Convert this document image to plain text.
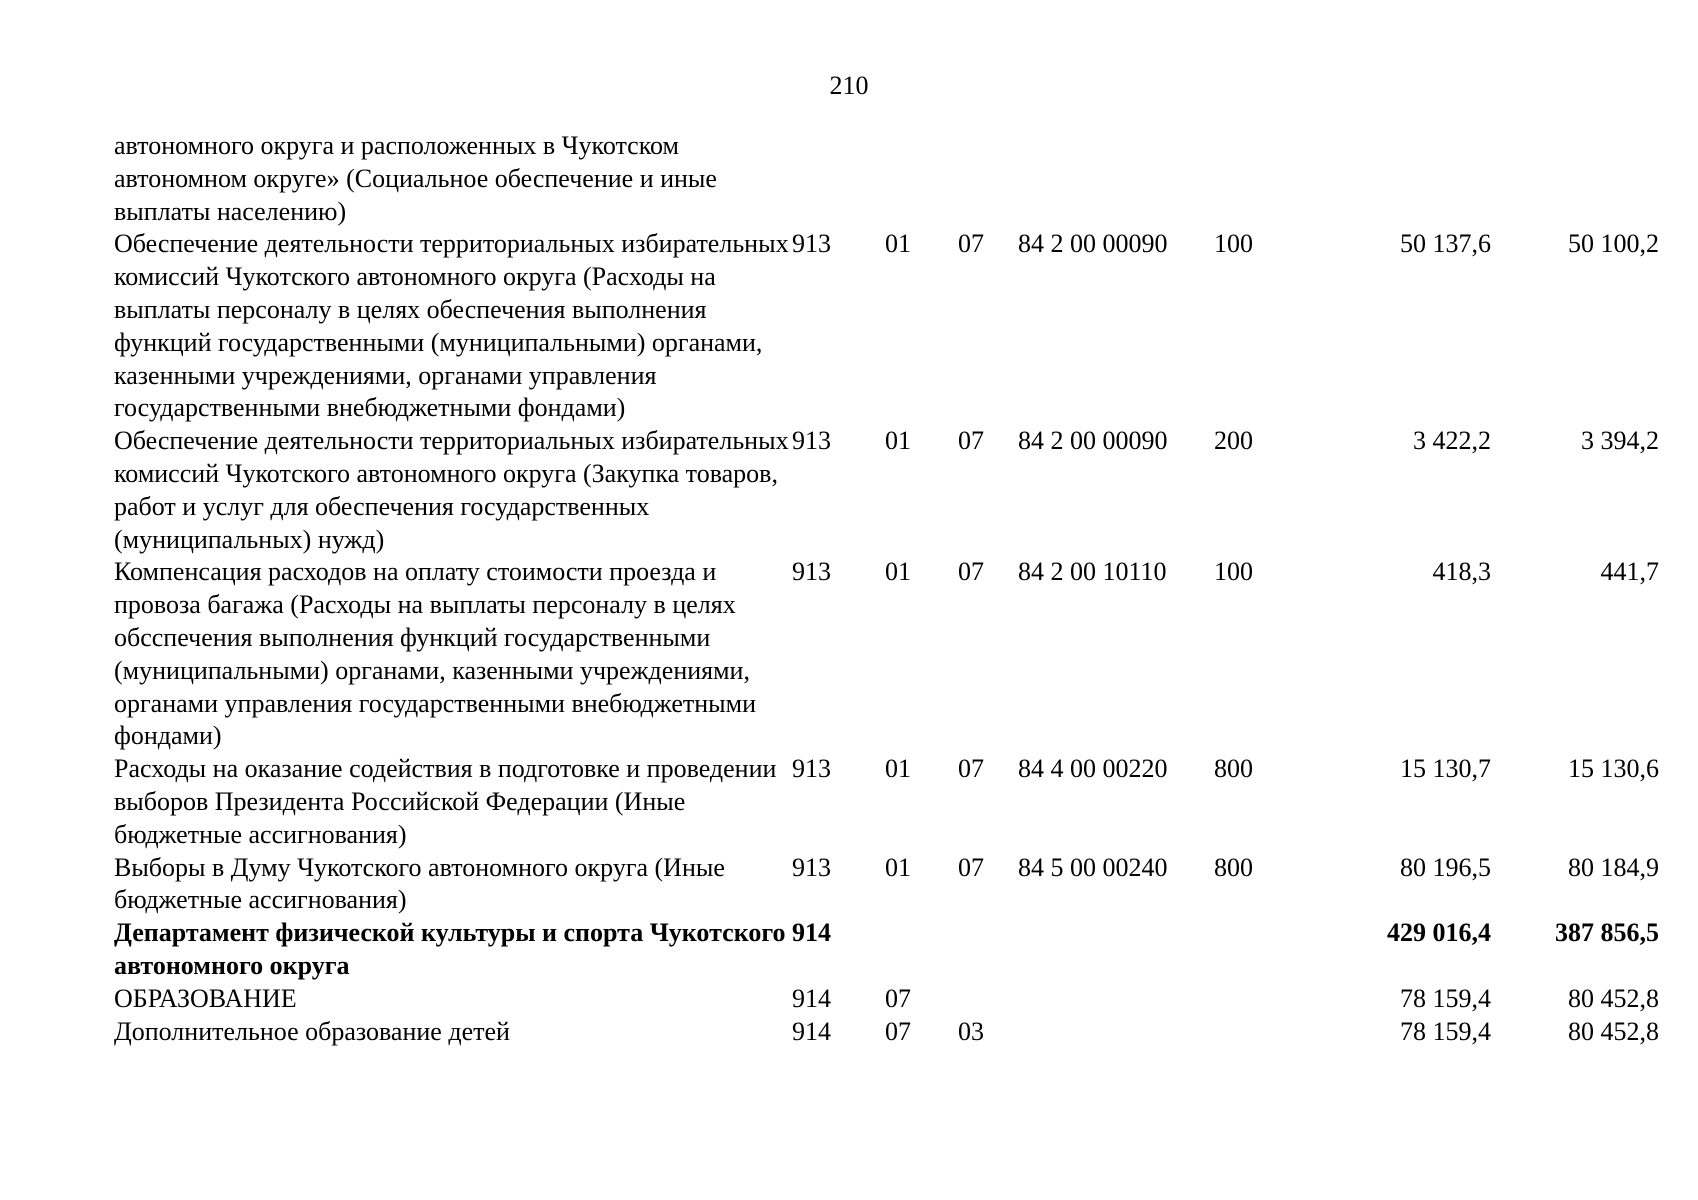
210
автономного округа и расположенных в Чукотском автономном округе» (Социальное обеспечение и иные выплаты населению)							
Обеспечение деятельности территориальных избирательных комиссий Чукотского автономного округа (Расходы на выплаты персоналу в целях обеспечения выполнения функций государственными (муниципальными) органами, казенными учреждениями, органами управления государственными внебюджетными фондами)	913	01	07	84 2 00 00090	100	50 137,6	50 100,2
Обеспечение деятельности территориальных избирательных комиссий Чукотского автономного округа (Закупка товаров, работ и услуг для обеспечения государственных (муниципальных) нужд)	913	01	07	84 2 00 00090	200	3 422,2	3 394,2
Компенсация расходов на оплату стоимости проезда и провоза багажа (Расходы на выплаты персоналу в целях обсспечения выполнения функций государственными (муниципальными) органами, казенными учреждениями, органами управления государственными внебюджетными фондами)	913	01	07	84 2 00 10110	100	418,3	441,7
Расходы на оказание содействия в подготовке и проведении выборов Президента Российской Федерации (Иные бюджетные ассигнования)	913	01	07	84 4 00 00220	800	15 130,7	15 130,6
Выборы в Думу Чукотского автономного округа (Иные бюджетные ассигнования)	913	01	07	84 5 00 00240	800	80 196,5	80 184,9
Департамент физической культуры и спорта Чукотского автономного округа	914					429 016,4	387 856,5
ОБРАЗОВАНИЕ	914	07				78 159,4	80 452,8
Дополнительное образование детей	914	07	03			78 159,4	80 452,8
